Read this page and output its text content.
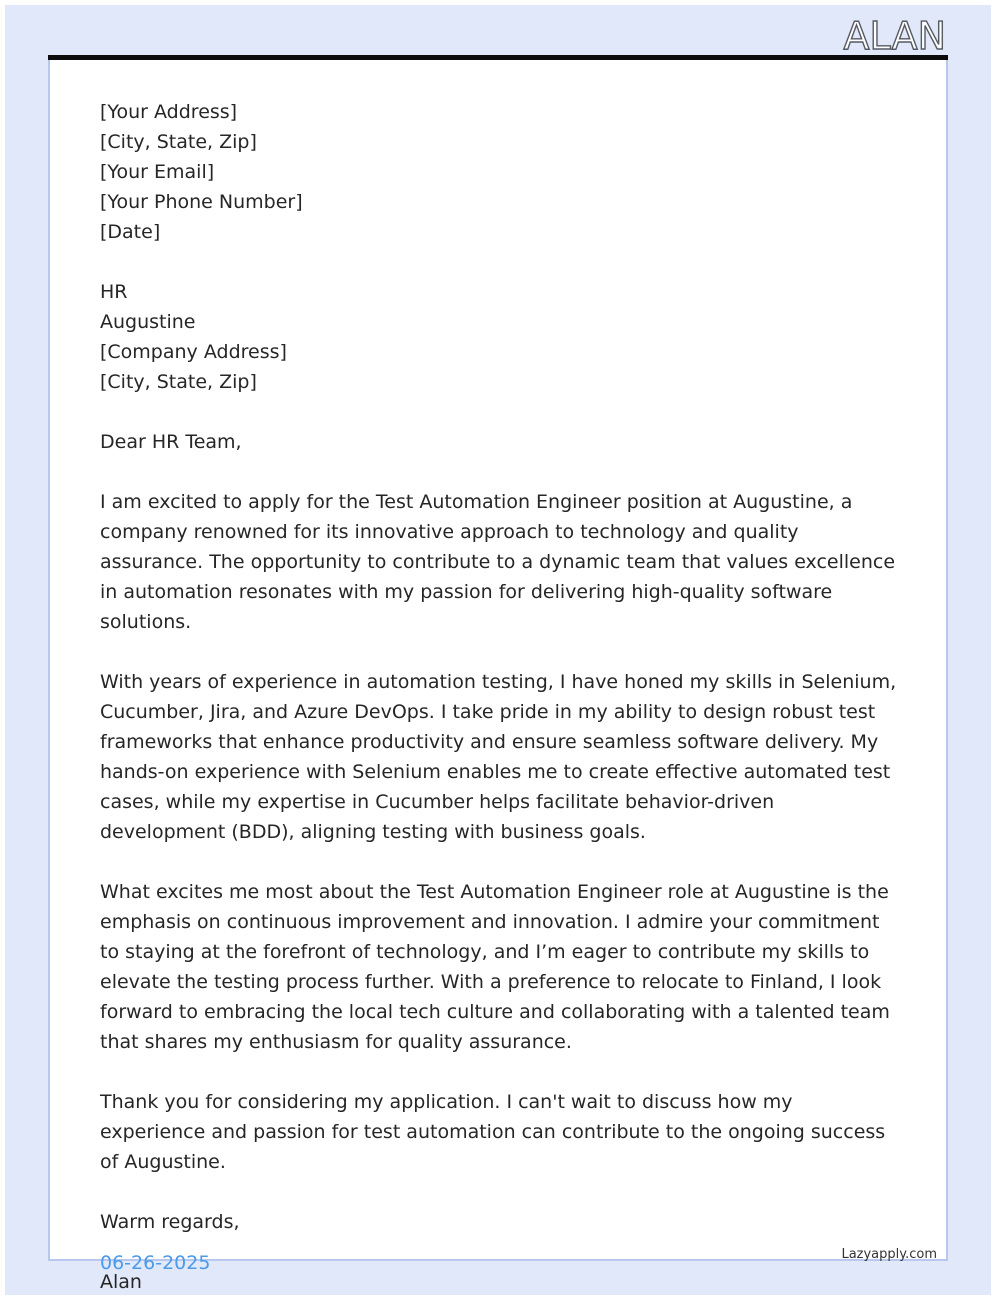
ALAN

[Your Address]
[City, State, Zip]
[Your Email]
[Your Phone Number]
[Date]

HR
Augustine
[Company Address]
[City, State, Zip]

Dear HR Team,

I am excited to apply for the Test Automation Engineer position at Augustine, a company renowned for its innovative approach to technology and quality assurance. The opportunity to contribute to a dynamic team that values excellence in automation resonates with my passion for delivering high-quality software solutions.

With years of experience in automation testing, I have honed my skills in Selenium, Cucumber, Jira, and Azure DevOps. I take pride in my ability to design robust test frameworks that enhance productivity and ensure seamless software delivery. My hands-on experience with Selenium enables me to create effective automated test cases, while my expertise in Cucumber helps facilitate behavior-driven development (BDD), aligning testing with business goals.

What excites me most about the Test Automation Engineer role at Augustine is the emphasis on continuous improvement and innovation. I admire your commitment to staying at the forefront of technology, and I’m eager to contribute my skills to elevate the testing process further. With a preference to relocate to Finland, I look forward to embracing the local tech culture and collaborating with a talented team that shares my enthusiasm for quality assurance.

Thank you for considering my application. I can't wait to discuss how my experience and passion for test automation can contribute to the ongoing success of Augustine.

Warm regards,

Alan

06-26-2025	Lazyapply.com
